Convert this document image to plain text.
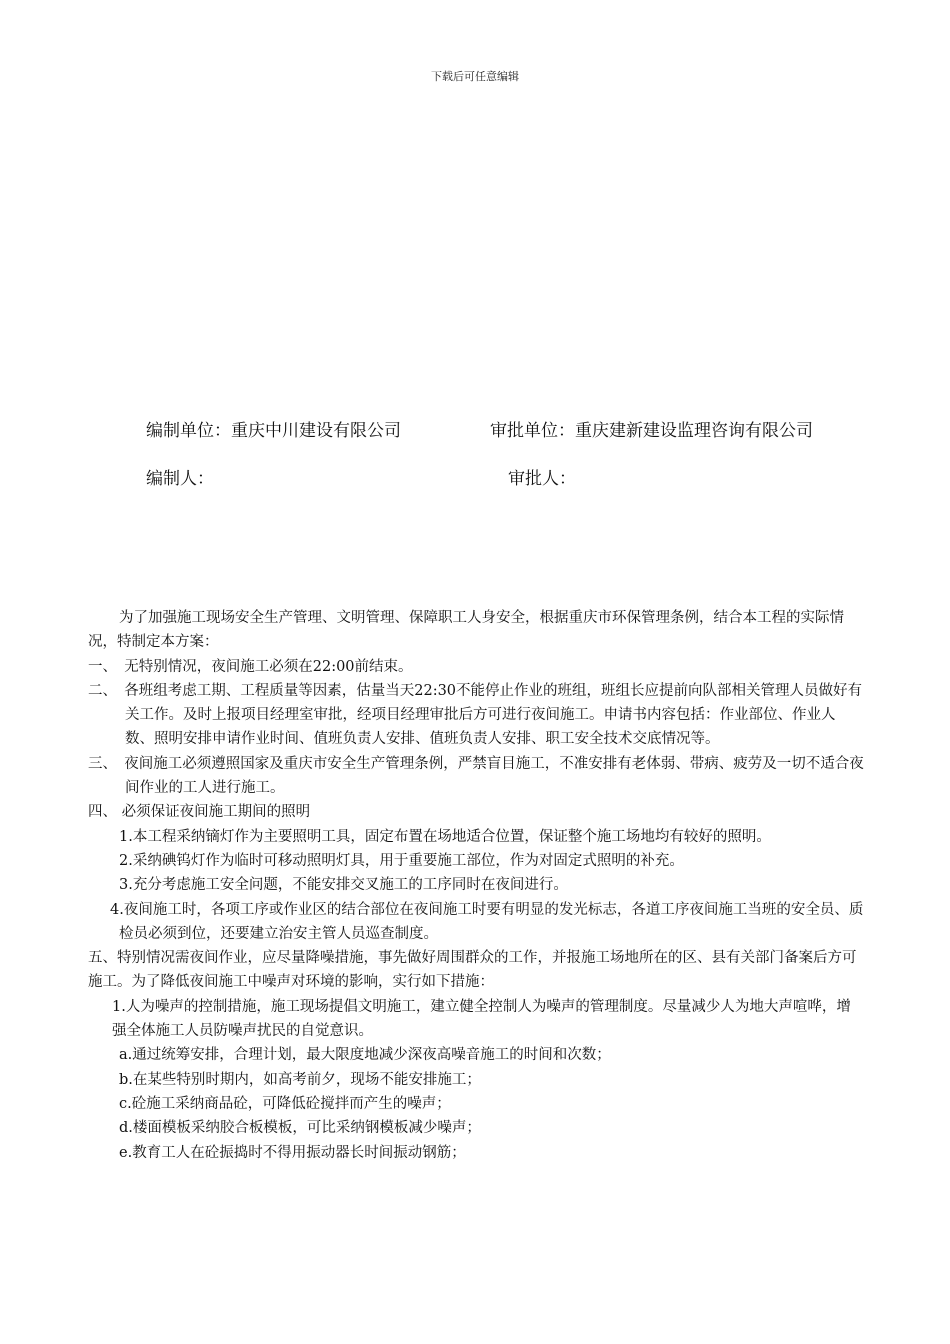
下载后可任意编辑
编制单位：重庆中川建设有限公司	审批单位：重庆建新建设监理咨询有限公司
编制人：	审批人：

为了加强施工现场安全生产管理、文明管理、保障职工人身安全，根据重庆市环保管理条例，结合本工程的实际情况，特制定本方案：

一、　无特别情况，夜间施工必须在22:00前结束。

二、　各班组考虑工期、工程质量等因素，估量当天22:30不能停止作业的班组，班组长应提前向队部相关管理人员做好有关工作。及时上报项目经理室审批，经项目经理审批后方可进行夜间施工。申请书内容包括：作业部位、作业人数、照明安排申请作业时间、值班负责人安排、值班负责人安排、职工安全技术交底情况等。

三、　夜间施工必须遵照国家及重庆市安全生产管理条例，严禁盲目施工，不准安排有老体弱、带病、疲劳及一切不适合夜间作业的工人进行施工。

四、 必须保证夜间施工期间的照明

1.本工程采纳镝灯作为主要照明工具，固定布置在场地适合位置，保证整个施工场地均有较好的照明。

2.采纳碘钨灯作为临时可移动照明灯具，用于重要施工部位，作为对固定式照明的补充。

3.充分考虑施工安全问题，不能安排交叉施工的工序同时在夜间进行。

4.夜间施工时，各项工序或作业区的结合部位在夜间施工时要有明显的发光标志，各道工序夜间施工当班的安全员、质检员必须到位，还要建立治安主管人员巡查制度。

五、特别情况需夜间作业，应尽量降噪措施，事先做好周围群众的工作，并报施工场地所在的区、县有关部门备案后方可施工。为了降低夜间施工中噪声对环境的影响，实行如下措施：

1.人为噪声的控制措施，施工现场提倡文明施工，建立健全控制人为噪声的管理制度。尽量减少人为地大声喧哗，增强全体施工人员防噪声扰民的自觉意识。

a.通过统筹安排，合理计划，最大限度地减少深夜高噪音施工的时间和次数；

b.在某些特别时期内，如高考前夕，现场不能安排施工；

c.砼施工采纳商品砼，可降低砼搅拌而产生的噪声；

d.楼面模板采纳胶合板模板，可比采纳钢模板减少噪声；

e.教育工人在砼振捣时不得用振动器长时间振动钢筋；
